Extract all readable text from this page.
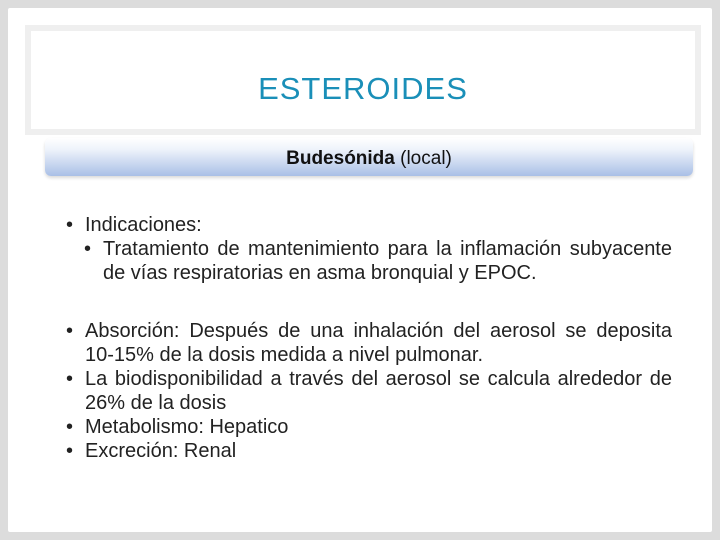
ESTEROIDES
Budesónida (local)
• Indicaciones:
• Tratamiento de mantenimiento para la inflamación subyacente de vías respiratorias en asma bronquial y EPOC.
• Absorción: Después de una inhalación del aerosol se deposita 10-15% de la dosis medida a nivel pulmonar.
• La biodisponibilidad a través del aerosol se calcula alrededor de 26% de la dosis
• Metabolismo: Hepatico
• Excreción: Renal
